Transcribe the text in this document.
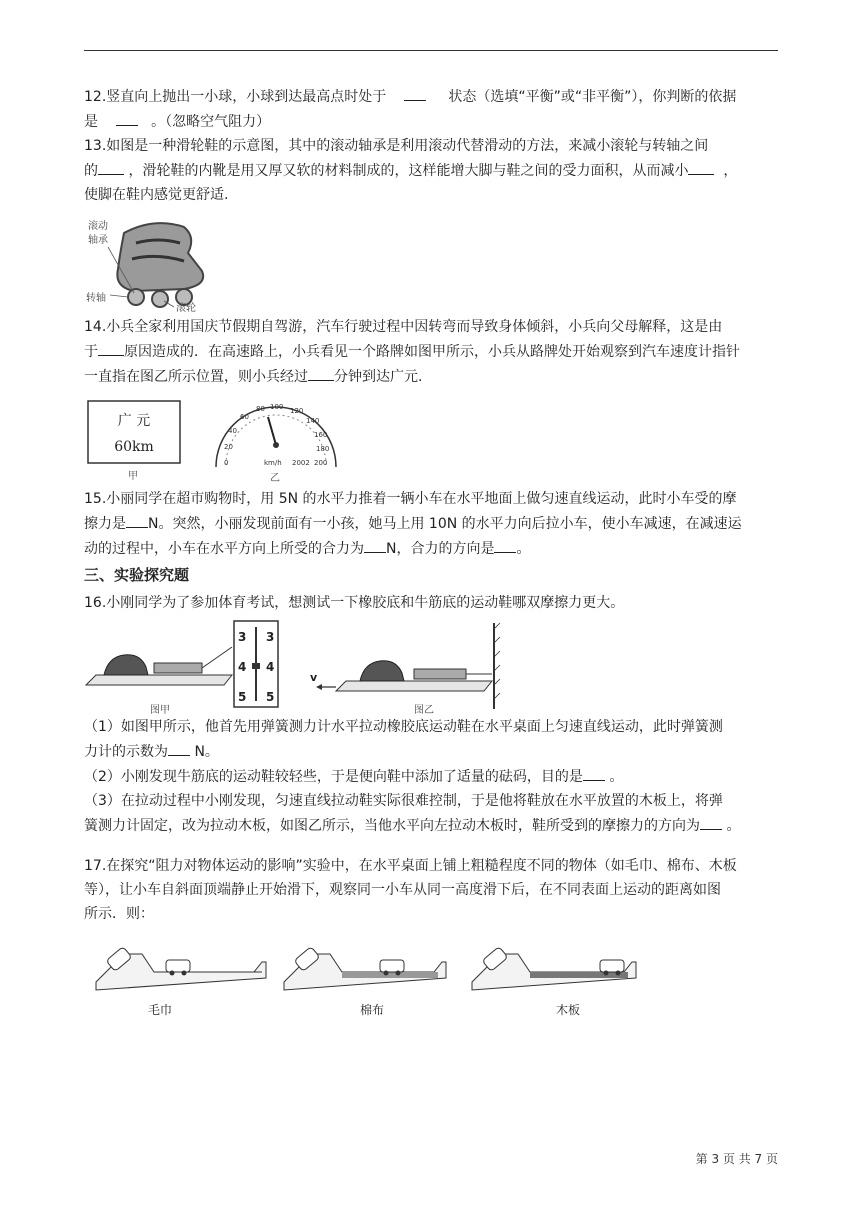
12.竖直向上抛出一小球，小球到达最高点时处于	状态（选填“平衡”或“非平衡”），你判断的依据

是	。（忽略空气阻力）

13.如图是一种滑轮鞋的示意图，其中的滚动轴承是利用滚动代替滑动的方法，来减小滚轮与转轴之间

的 ，滑轮鞋的内靴是用又厚又软的材料制成的，这样能增大脚与鞋之间的受力面积，从而减小 ，

使脚在鞋内感觉更舒适.

滚动
轴承
转轴
滚轮

14.小兵全家利用国庆节假期自驾游，汽车行驶过程中因转弯而导致身体倾斜，小兵向父母解释，这是由

于 原因造成的．在高速路上，小兵看见一个路牌如图甲所示，小兵从路牌处开始观察到汽车速度计指针

一直指在图乙所示位置，则小兵经过 分钟到达广元.

广 元
60km
甲
0
20
40
60
80 100 120
140
160
180
200
km/h 2002
乙

15.小丽同学在超市购物时，用 5N 的水平力推着一辆小车在水平地面上做匀速直线运动，此时小车受的摩

擦力是 N。突然，小丽发现前面有一小孩，她马上用 10N 的水平力向后拉小车，使小车减速，在减速运

动的过程中，小车在水平方向上所受的合力为 N，合力的方向是 。

三、实验探究题

16.小刚同学为了参加体育考试，想测试一下橡胶底和牛筋底的运动鞋哪双摩擦力更大。

3 3
4 4
5 5
图甲
v
图乙

（1）如图甲所示，他首先用弹簧测力计水平拉动橡胶底运动鞋在水平桌面上匀速直线运动，此时弹簧测

力计的示数为 N。

（2）小刚发现牛筋底的运动鞋较轻些，于是便向鞋中添加了适量的砝码，目的是 。

（3）在拉动过程中小刚发现，匀速直线拉动鞋实际很难控制，于是他将鞋放在水平放置的木板上，将弹

簧测力计固定，改为拉动木板，如图乙所示，当他水平向左拉动木板时，鞋所受到的摩擦力的方向为 。

17.在探究“阻力对物体运动的影响”实验中，在水平桌面上铺上粗糙程度不同的物体（如毛巾、棉布、木板

等），让小车自斜面顶端静止开始滑下，观察同一小车从同一高度滑下后，在不同表面上运动的距离如图

所示．则：

毛巾	棉布	木板
第 3 页 共 7 页
